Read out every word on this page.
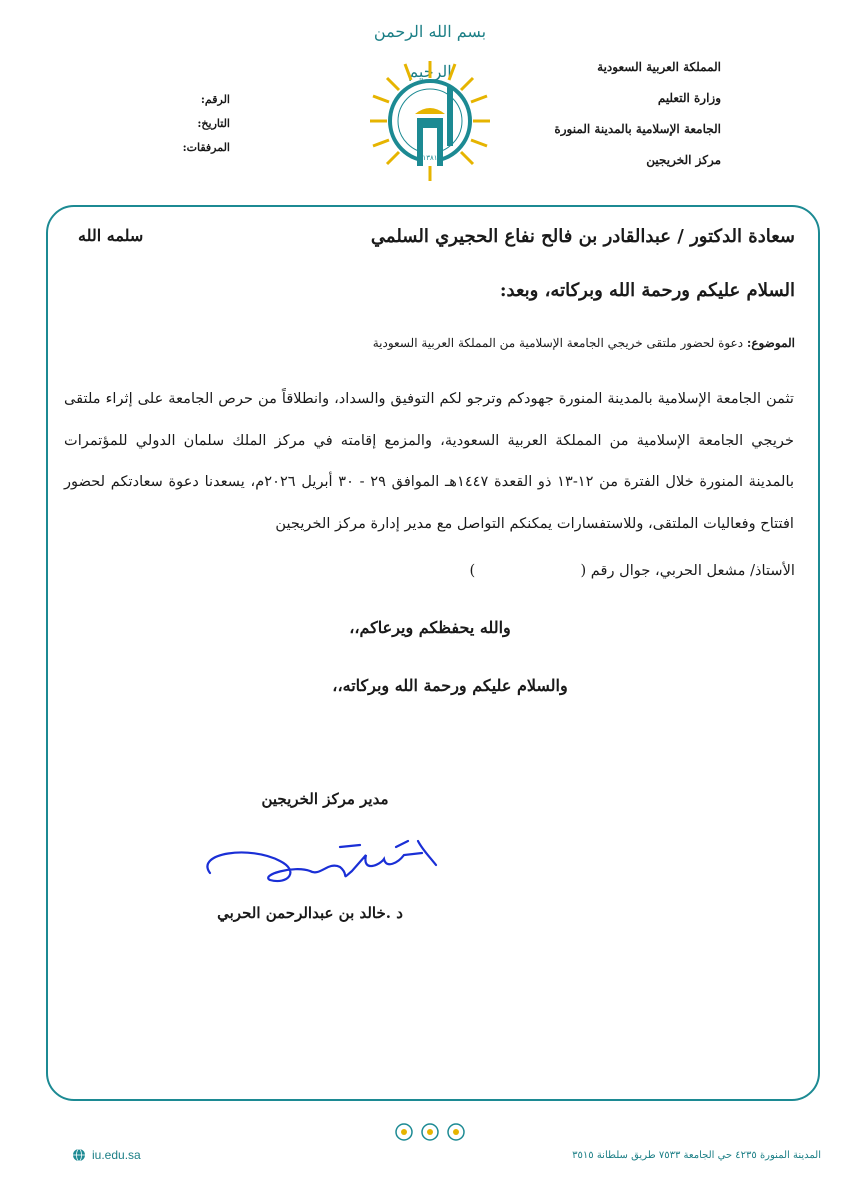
بسم الله الرحمن
١٣٨١
المملكة العربية السعودية
وزارة التعليم
الجامعة الإسلامية بالمدينة المنورة
مركز الخريجين
الرقم:
التاريخ:
المرفقات:
سعادة الدكتور / عبدالقادر بن فالح نفاع الحجيري السلمي
سلمه الله
السلام عليكم ورحمة الله وبركاته، وبعد:
الموضوع: دعوة لحضور ملتقى خريجي الجامعة الإسلامية من المملكة العربية السعودية
تثمن الجامعة الإسلامية بالمدينة المنورة جهودكم وترجو لكم التوفيق والسداد، وانطلاقاً من حرص الجامعة على إثراء ملتقى خريجي الجامعة الإسلامية من المملكة العربية السعودية، والمزمع إقامته في مركز الملك سلمان الدولي للمؤتمرات بالمدينة المنورة خلال الفترة من ١٢-١٣ ذو القعدة ١٤٤٧هـ الموافق ٢٩ - ٣٠ أبريل ٢٠٢٦م، يسعدنا دعوة سعادتكم لحضور افتتاح وفعاليات الملتقى، وللاستفسارات يمكنكم التواصل مع مدير إدارة مركز الخريجين
الأستاذ/ مشعل الحربي، جوال رقم (  )
والله يحفظكم ويرعاكم،،
والسلام عليكم ورحمة الله وبركاته،،
مدير مركز الخريجين
د .خالد بن عبدالرحمن الحربي
iu.edu.sa	المدينة المنورة ٤٢٣٥ حي الجامعة ٧٥٣٣ طريق سلطانة ٣٥١٥
